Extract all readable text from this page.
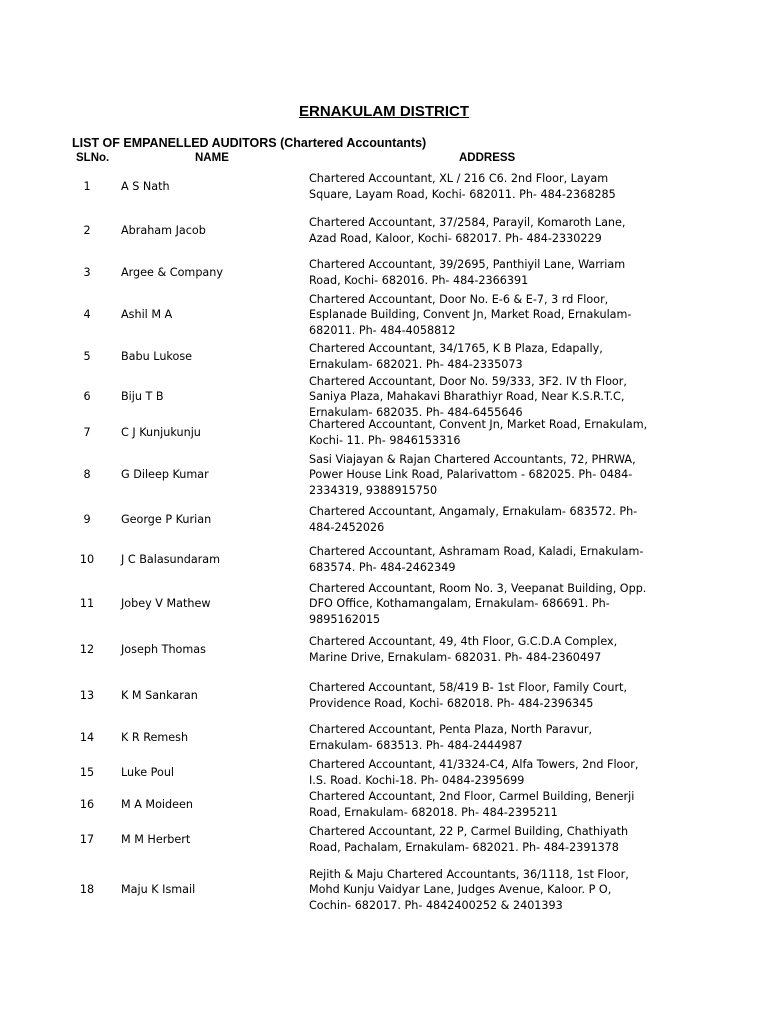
ERNAKULAM DISTRICT
LIST OF EMPANELLED AUDITORS (Chartered Accountants)
SLNo.	NAME	ADDRESS
1	A S Nath
Chartered Accountant, XL / 216 C6. 2nd Floor, Layam
Square, Layam Road, Kochi- 682011. Ph- 484-2368285
2	Abraham Jacob
Chartered Accountant, 37/2584, Parayil, Komaroth Lane,
Azad Road, Kaloor, Kochi- 682017. Ph- 484-2330229
3	Argee & Company
Chartered Accountant, 39/2695, Panthiyil Lane, Warriam
Road, Kochi- 682016. Ph- 484-2366391
4	Ashil M A
Chartered Accountant, Door No. E-6 & E-7, 3 rd Floor,
Esplanade Building, Convent Jn, Market Road, Ernakulam-
682011. Ph- 484-4058812
5	Babu Lukose
Chartered Accountant, 34/1765, K B Plaza, Edapally,
Ernakulam- 682021. Ph- 484-2335073
6	Biju T B
Chartered Accountant, Door No. 59/333, 3F2. IV th Floor,
Saniya Plaza, Mahakavi Bharathiyr Road, Near K.S.R.T.C,
Ernakulam- 682035. Ph- 484-6455646
7	C J Kunjukunju
Chartered Accountant, Convent Jn, Market Road, Ernakulam,
Kochi- 11. Ph- 9846153316
8	G Dileep Kumar
Sasi Viajayan & Rajan Chartered Accountants, 72, PHRWA,
Power House Link Road, Palarivattom - 682025. Ph- 0484-
2334319, 9388915750
9	George P Kurian
Chartered Accountant, Angamaly, Ernakulam- 683572. Ph-
484-2452026
10	J C Balasundaram
Chartered Accountant, Ashramam Road, Kaladi, Ernakulam-
683574. Ph- 484-2462349
11	Jobey V Mathew
Chartered Accountant, Room No. 3, Veepanat Building, Opp.
DFO Office, Kothamangalam, Ernakulam- 686691. Ph-
9895162015
12	Joseph Thomas
Chartered Accountant, 49, 4th Floor, G.C.D.A Complex,
Marine Drive, Ernakulam- 682031. Ph- 484-2360497
13	K M Sankaran
Chartered Accountant, 58/419 B- 1st Floor, Family Court,
Providence Road, Kochi- 682018. Ph- 484-2396345
14	K R Remesh
Chartered Accountant, Penta Plaza, North Paravur,
Ernakulam- 683513. Ph- 484-2444987
15	Luke Poul
Chartered Accountant, 41/3324-C4, Alfa Towers, 2nd Floor,
I.S. Road. Kochi-18. Ph- 0484-2395699
16	M A Moideen
Chartered Accountant, 2nd Floor, Carmel Building, Benerji
Road, Ernakulam- 682018. Ph- 484-2395211
17	M M Herbert
Chartered Accountant, 22 P, Carmel Building, Chathiyath
Road, Pachalam, Ernakulam- 682021. Ph- 484-2391378
18	Maju K Ismail
Rejith & Maju Chartered Accountants, 36/1118, 1st Floor,
Mohd Kunju Vaidyar Lane, Judges Avenue, Kaloor. P O,
Cochin- 682017. Ph- 4842400252 & 2401393
